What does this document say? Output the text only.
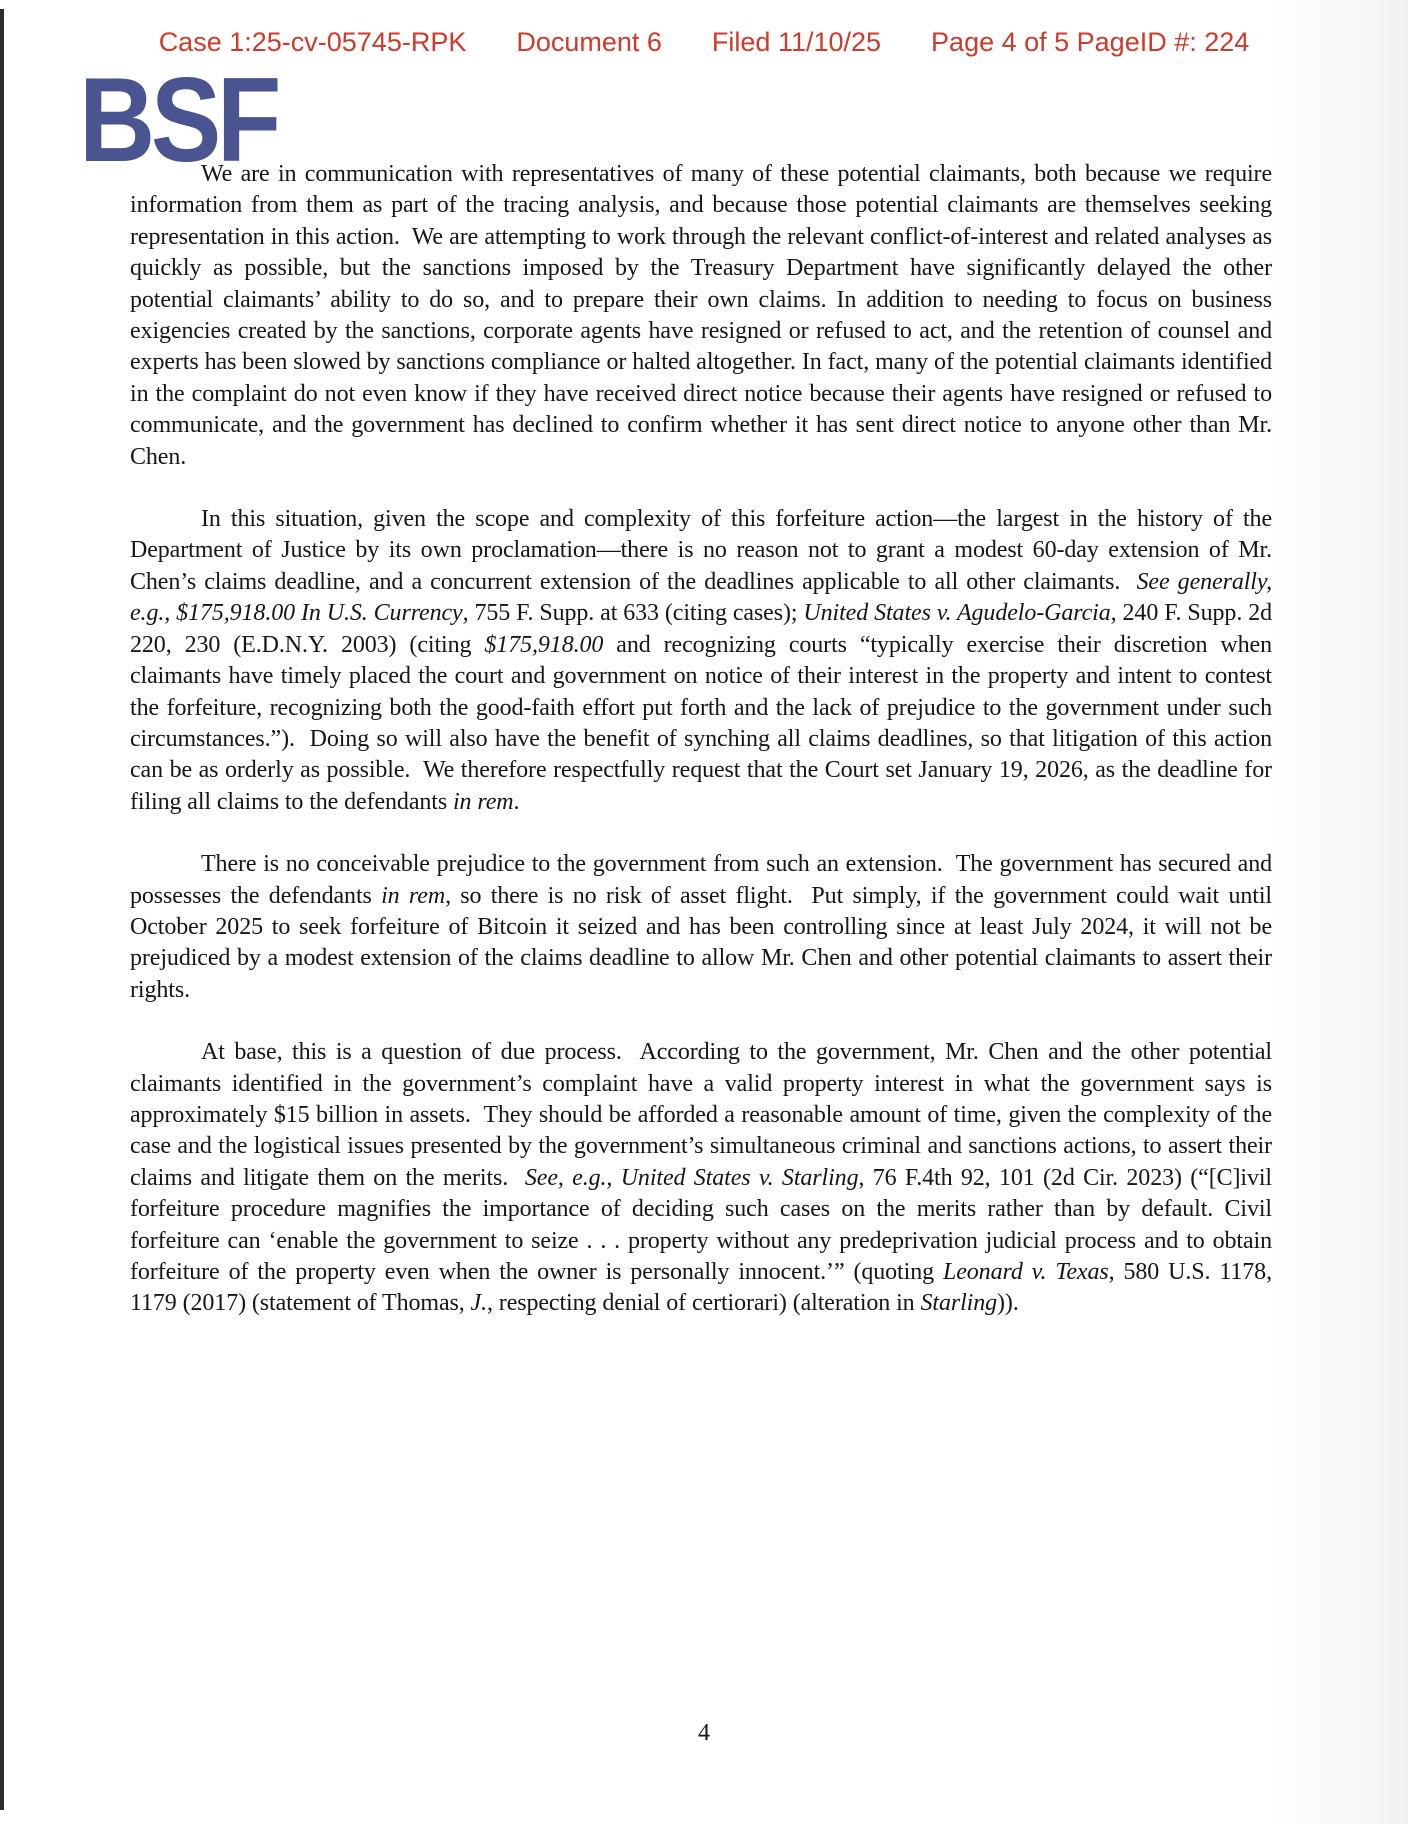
Case 1:25-cv-05745-RPK Document 6 Filed 11/10/25 Page 4 of 5 PageID #: 224
BSF

We are in communication with representatives of many of these potential claimants, both because we require information from them as part of the tracing analysis, and because those potential claimants are themselves seeking representation in this action.  We are attempting to work through the relevant conflict-of-interest and related analyses as quickly as possible, but the sanctions imposed by the Treasury Department have significantly delayed the other potential claimants’ ability to do so, and to prepare their own claims. In addition to needing to focus on business exigencies created by the sanctions, corporate agents have resigned or refused to act, and the retention of counsel and experts has been slowed by sanctions compliance or halted altogether. In fact, many of the potential claimants identified in the complaint do not even know if they have received direct notice because their agents have resigned or refused to communicate, and the government has declined to confirm whether it has sent direct notice to anyone other than Mr. Chen.

In this situation, given the scope and complexity of this forfeiture action—the largest in the history of the Department of Justice by its own proclamation—there is no reason not to grant a modest 60-day extension of Mr. Chen’s claims deadline, and a concurrent extension of the deadlines applicable to all other claimants.  See generally, e.g., $175,918.00 In U.S. Currency, 755 F. Supp. at 633 (citing cases); United States v. Agudelo-Garcia, 240 F. Supp. 2d 220, 230 (E.D.N.Y. 2003) (citing $175,918.00 and recognizing courts “typically exercise their discretion when claimants have timely placed the court and government on notice of their interest in the property and intent to contest the forfeiture, recognizing both the good-faith effort put forth and the lack of prejudice to the government under such circumstances.”).  Doing so will also have the benefit of synching all claims deadlines, so that litigation of this action can be as orderly as possible.  We therefore respectfully request that the Court set January 19, 2026, as the deadline for filing all claims to the defendants in rem.

There is no conceivable prejudice to the government from such an extension.  The government has secured and possesses the defendants in rem, so there is no risk of asset flight.  Put simply, if the government could wait until October 2025 to seek forfeiture of Bitcoin it seized and has been controlling since at least July 2024, it will not be prejudiced by a modest extension of the claims deadline to allow Mr. Chen and other potential claimants to assert their rights.

At base, this is a question of due process.  According to the government, Mr. Chen and the other potential claimants identified in the government’s complaint have a valid property interest in what the government says is approximately $15 billion in assets.  They should be afforded a reasonable amount of time, given the complexity of the case and the logistical issues presented by the government’s simultaneous criminal and sanctions actions, to assert their claims and litigate them on the merits.  See, e.g., United States v. Starling, 76 F.4th 92, 101 (2d Cir. 2023) (“[C]ivil forfeiture procedure magnifies the importance of deciding such cases on the merits rather than by default. Civil forfeiture can ‘enable the government to seize . . . property without any predeprivation judicial process and to obtain forfeiture of the property even when the owner is personally innocent.’” (quoting Leonard v. Texas, 580 U.S. 1178, 1179 (2017) (statement of Thomas, J., respecting denial of certiorari) (alteration in Starling)).

4
